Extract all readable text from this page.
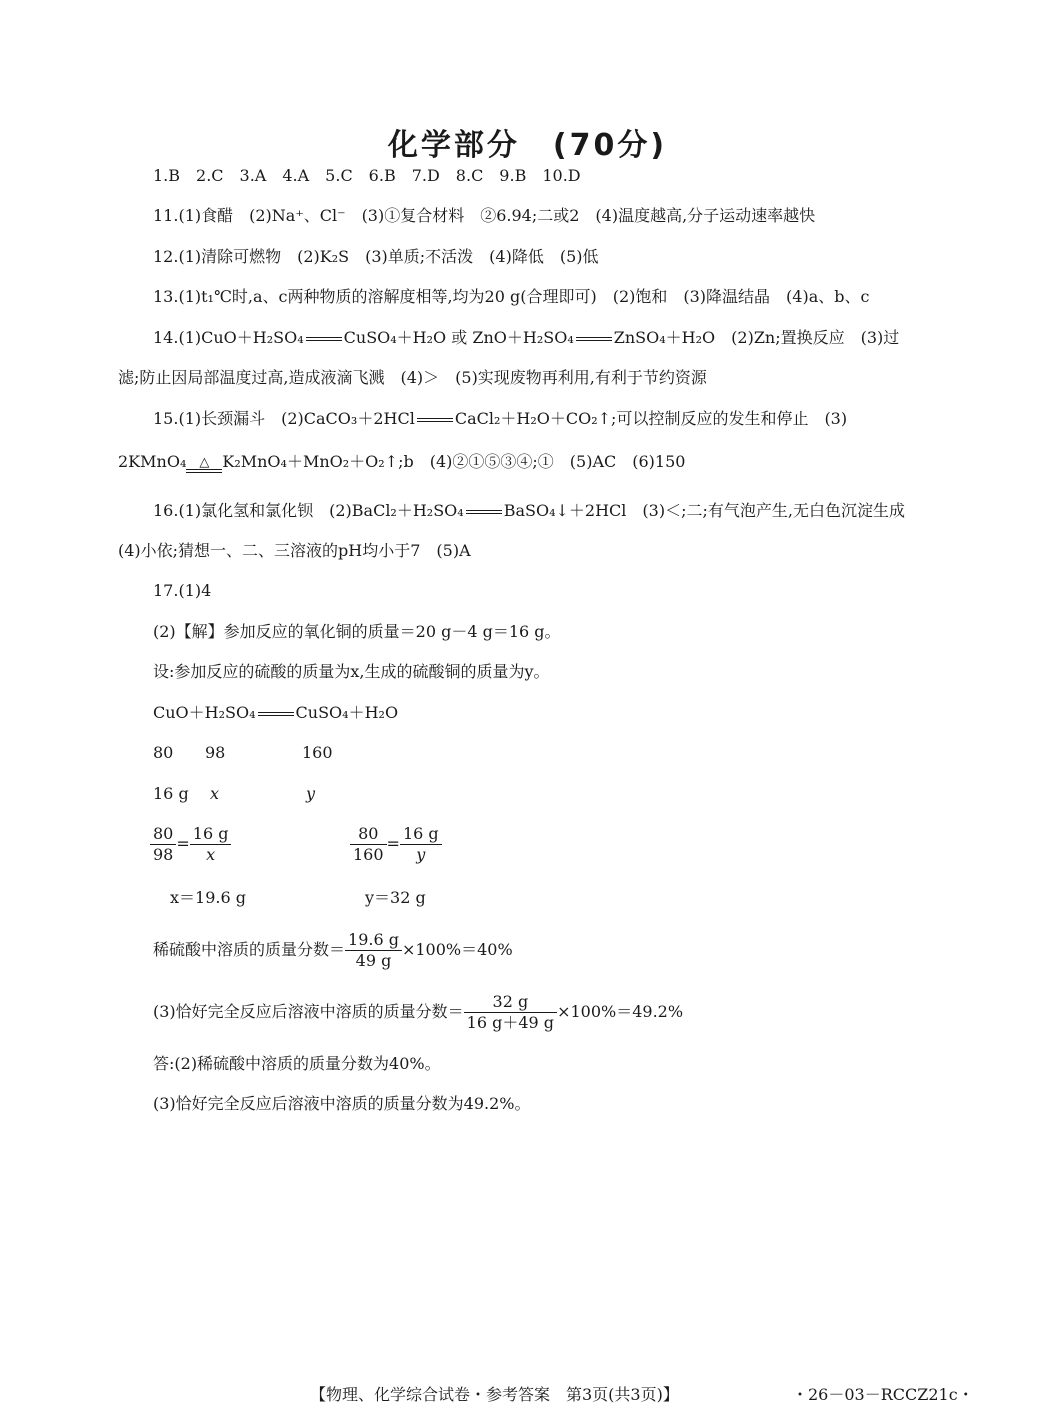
化学部分　(70分)
1.B　2.C　3.A　4.A　5.C　6.B　7.D　8.C　9.B　10.D
11.(1)食醋　(2)Na⁺、Cl⁻　(3)①复合材料　②6.94;二或2　(4)温度越高,分子运动速率越快
12.(1)清除可燃物　(2)K₂S　(3)单质;不活泼　(4)降低　(5)低
13.(1)t₁℃时,a、c两种物质的溶解度相等,均为20 g(合理即可)　(2)饱和　(3)降温结晶　(4)a、b、c
14.(1)CuO＋H₂SO₄	CuSO₄＋H₂O 或 ZnO＋H₂SO₄	ZnSO₄＋H₂O　(2)Zn;置换反应　(3)过
滤;防止因局部温度过高,造成液滴飞溅　(4)＞　(5)实现废物再利用,有利于节约资源
15.(1)长颈漏斗　(2)CaCO₃＋2HCl	CaCl₂＋H₂O＋CO₂↑;可以控制反应的发生和停止　(3)
2KMnO₄	△ K₂MnO₄＋MnO₂＋O₂↑;b　(4)②①⑤③④;①　(5)AC　(6)150
16.(1)氯化氢和氯化钡　(2)BaCl₂＋H₂SO₄	BaSO₄↓＋2HCl　(3)＜;二;有气泡产生,无白色沉淀生成
(4)小依;猜想一、二、三溶液的pH均小于7　(5)A
17.(1)4
(2)【解】参加反应的氧化铜的质量＝20 g－4 g＝16 g。
设:参加反应的硫酸的质量为x,生成的硫酸铜的质量为y。
CuO＋H₂SO₄	CuSO₄＋H₂O
80 98	160
16 g x	y
$\frac{80}{98} = \frac{16 g}{x}$	$\frac{80}{160} = \frac{16 g}{y}$
x＝19.6 g	y＝32 g
稀硫酸中溶质的质量分数＝ $\frac{19.6 g}{49 g} \times 100\%=40\%$
(3)恰好完全反应后溶液中溶质的质量分数＝ $\frac{32 g}{16 g+49 g} \times 100\%=49.2\%$
答:(2)稀硫酸中溶质的质量分数为40%。
(3)恰好完全反应后溶液中溶质的质量分数为49.2%。
【物理、化学综合试卷・参考答案　第3页(共3页)】	・26－03－RCCZ21c・
